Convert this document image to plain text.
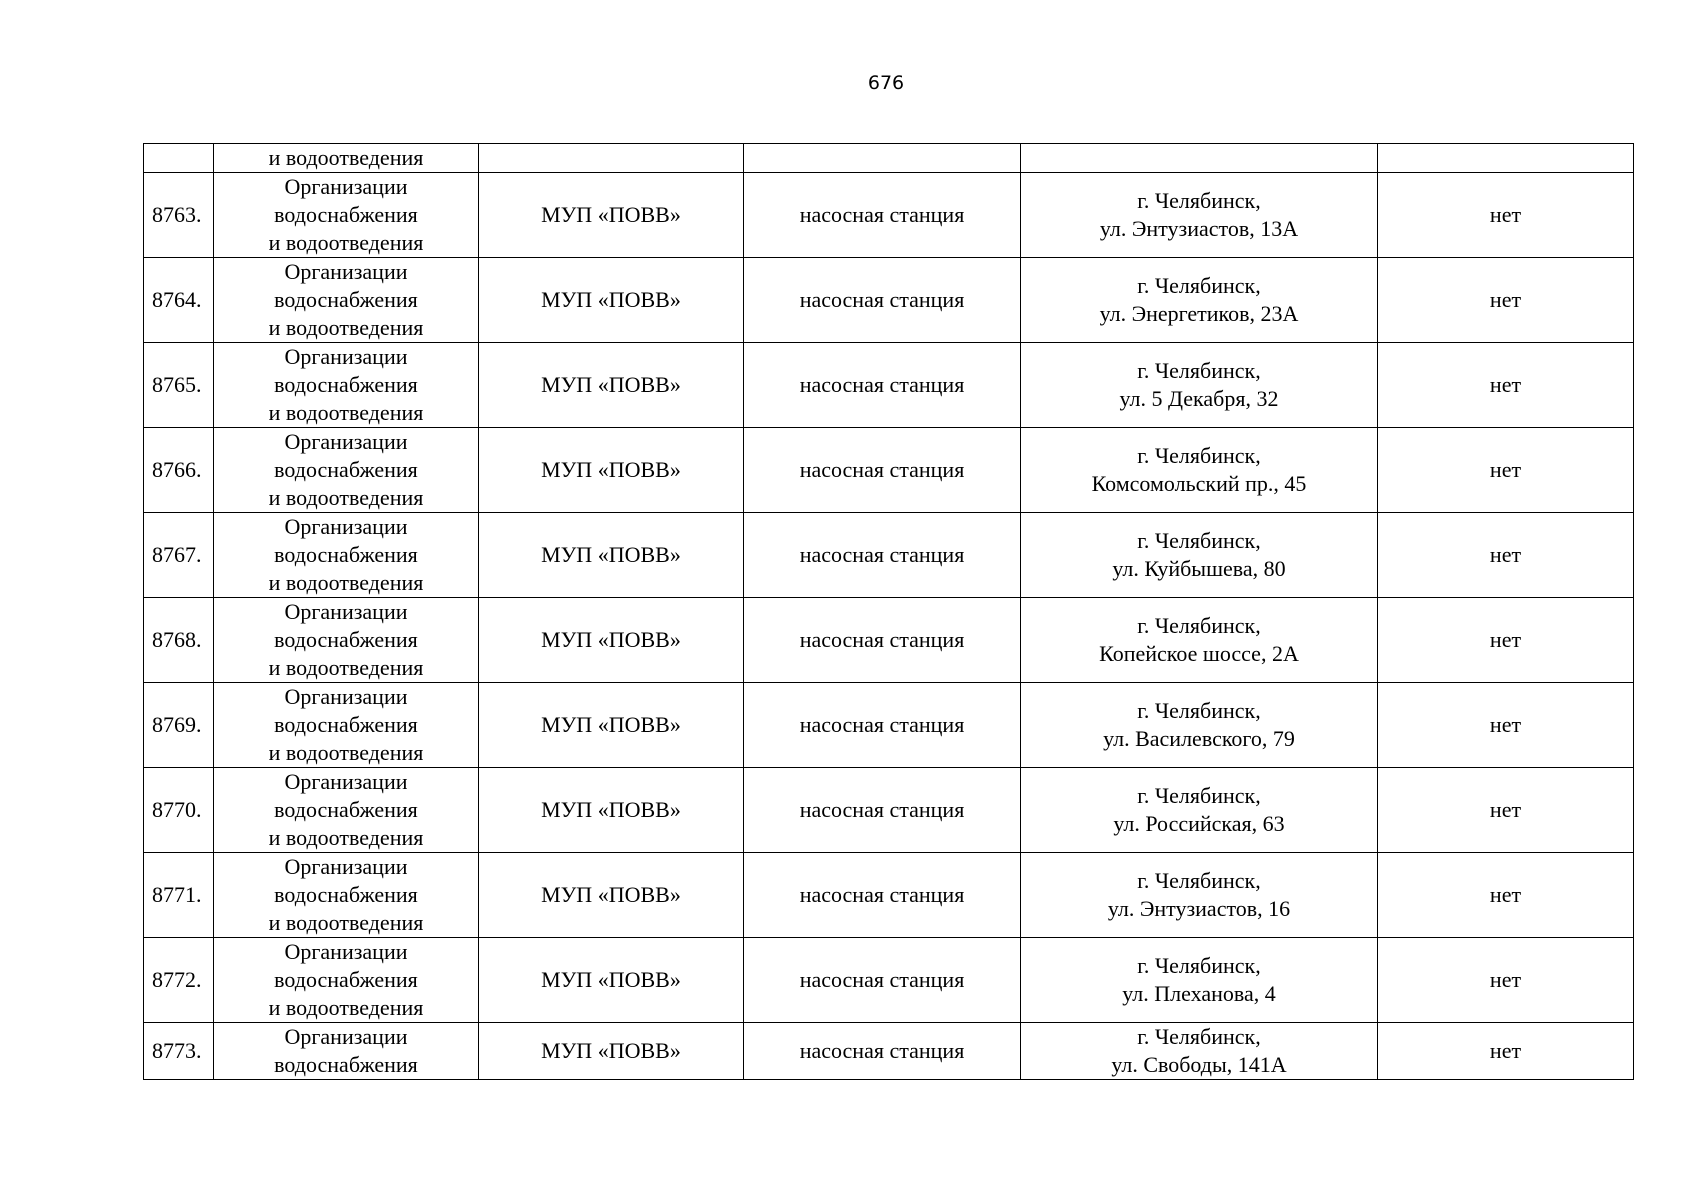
676
	и водоотведения				
8763.	Организации
водоснабжения
и водоотведения	МУП «ПОВВ»	насосная станция	г. Челябинск,
ул. Энтузиастов, 13А	нет
8764.	Организации
водоснабжения
и водоотведения	МУП «ПОВВ»	насосная станция	г. Челябинск,
ул. Энергетиков, 23А	нет
8765.	Организации
водоснабжения
и водоотведения	МУП «ПОВВ»	насосная станция	г. Челябинск,
ул. 5 Декабря, 32	нет
8766.	Организации
водоснабжения
и водоотведения	МУП «ПОВВ»	насосная станция	г. Челябинск,
Комсомольский пр., 45	нет
8767.	Организации
водоснабжения
и водоотведения	МУП «ПОВВ»	насосная станция	г. Челябинск,
ул. Куйбышева, 80	нет
8768.	Организации
водоснабжения
и водоотведения	МУП «ПОВВ»	насосная станция	г. Челябинск,
Копейское шоссе, 2А	нет
8769.	Организации
водоснабжения
и водоотведения	МУП «ПОВВ»	насосная станция	г. Челябинск,
ул. Василевского, 79	нет
8770.	Организации
водоснабжения
и водоотведения	МУП «ПОВВ»	насосная станция	г. Челябинск,
ул. Российская, 63	нет
8771.	Организации
водоснабжения
и водоотведения	МУП «ПОВВ»	насосная станция	г. Челябинск,
ул. Энтузиастов, 16	нет
8772.	Организации
водоснабжения
и водоотведения	МУП «ПОВВ»	насосная станция	г. Челябинск,
ул. Плеханова, 4	нет
8773.	Организации
водоснабжения	МУП «ПОВВ»	насосная станция	г. Челябинск,
ул. Свободы, 141А	нет
